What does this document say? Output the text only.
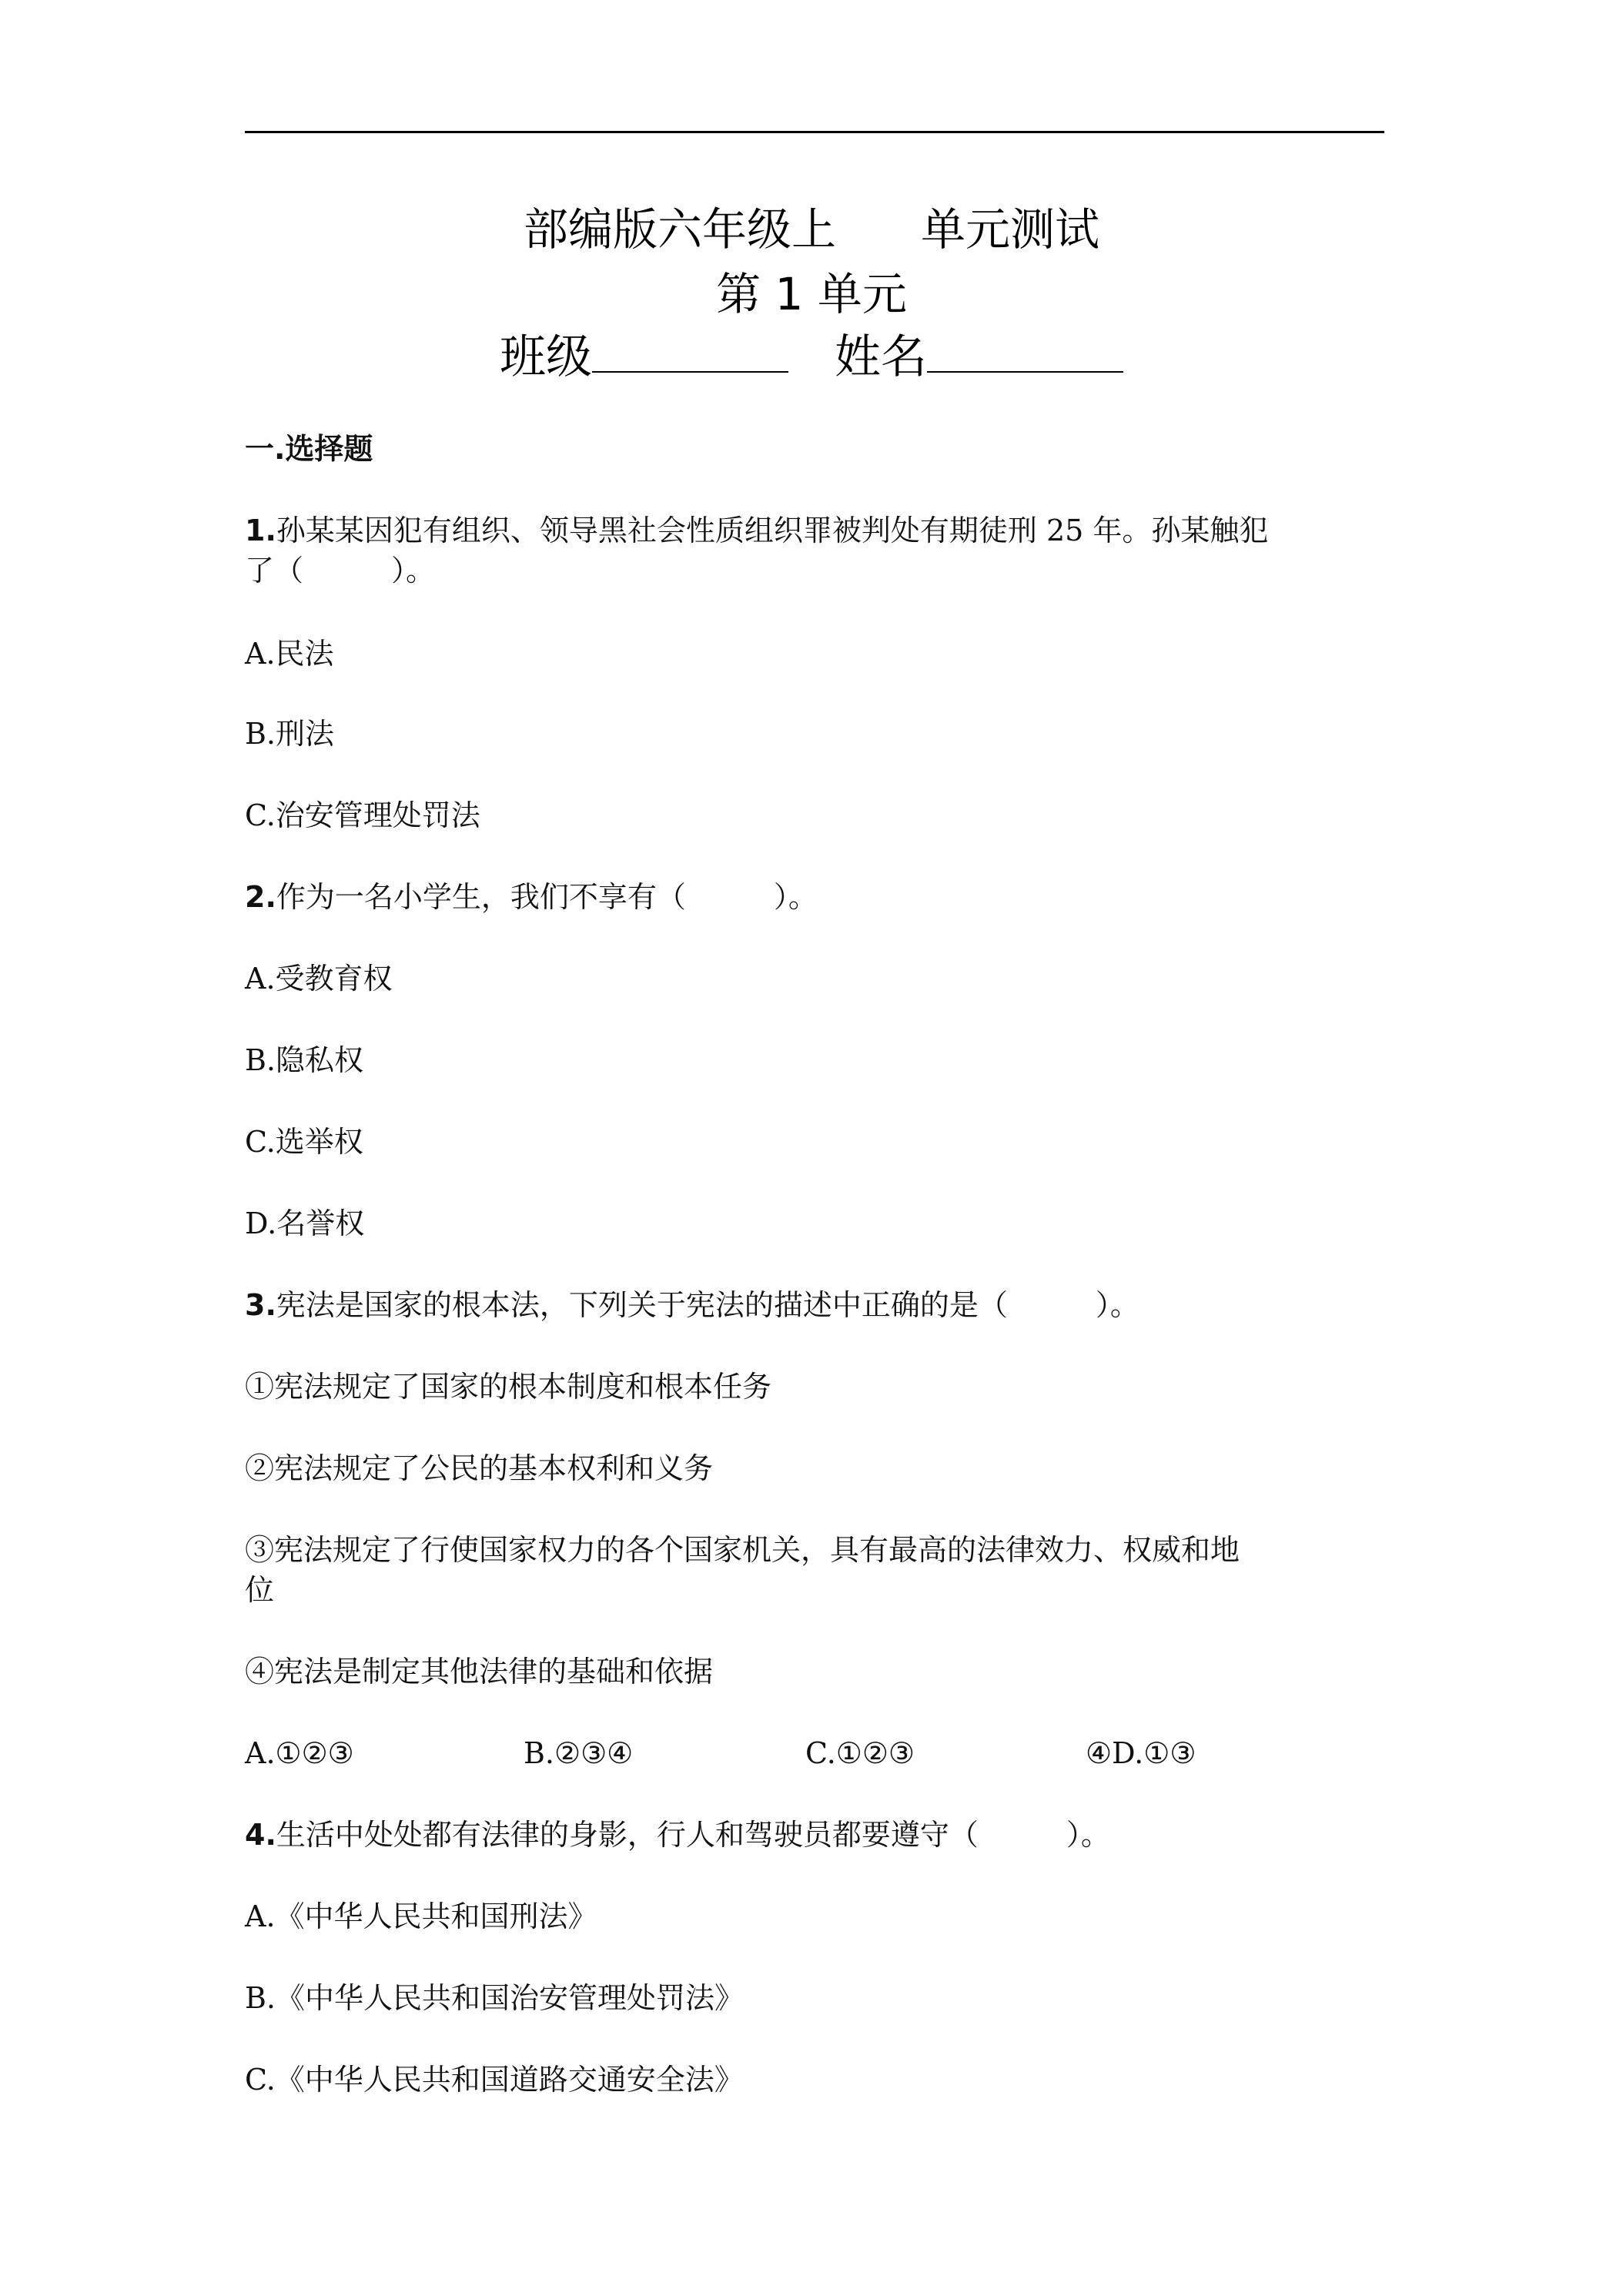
部编版六年级上 单元测试
第 1 单元
班级	姓名
一.选择题
1.孙某某因犯有组织、领导黑社会性质组织罪被判处有期徒刑 25 年。孙某触犯
了（　　　）。
A.民法
B.刑法
C.治安管理处罚法
2.作为一名小学生，我们不享有（　　　）。
A.受教育权
B.隐私权
C.选举权
D.名誉权
3.宪法是国家的根本法，下列关于宪法的描述中正确的是（　　　）。
①宪法规定了国家的根本制度和根本任务
②宪法规定了公民的基本权利和义务
③宪法规定了行使国家权力的各个国家机关，具有最高的法律效力、权威和地
位
④宪法是制定其他法律的基础和依据
A.①②③	B.②③④	C.①②③	④D.①③
4.生活中处处都有法律的身影，行人和驾驶员都要遵守（　　　）。
A.《中华人民共和国刑法》
B.《中华人民共和国治安管理处罚法》
C.《中华人民共和国道路交通安全法》
